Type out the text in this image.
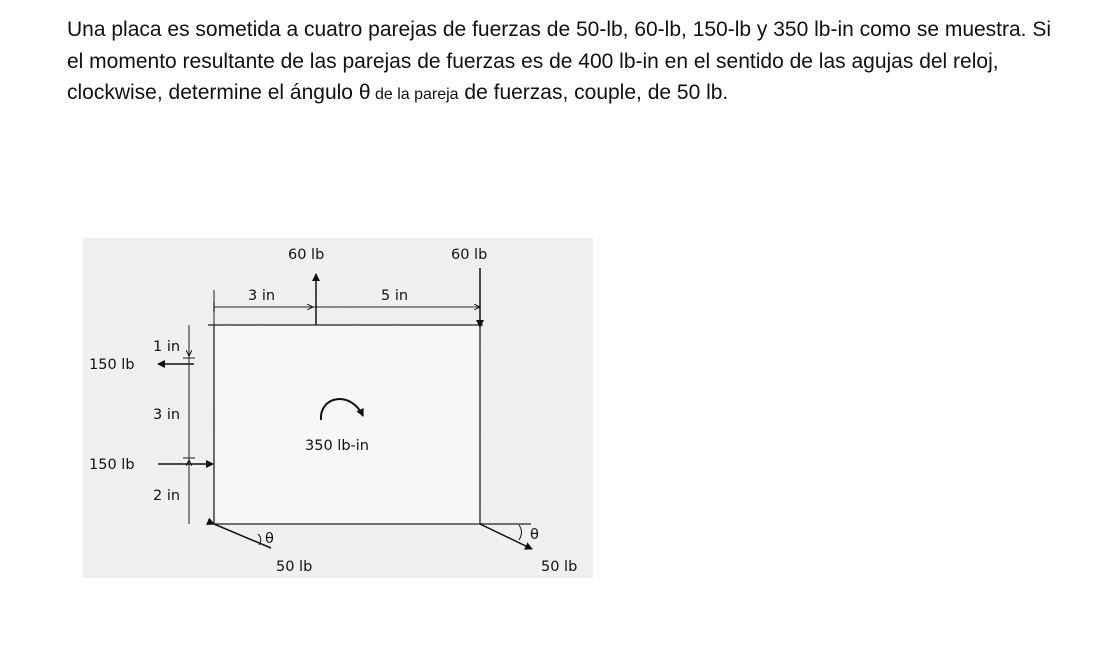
Una placa es sometida a cuatro parejas de fuerzas de 50-lb, 60-lb, 150-lb y 350 lb-in como se muestra. Si el momento resultante de las parejas de fuerzas es de 400 lb-in en el sentido de las agujas del reloj, clockwise, determine el ángulo θ de la pareja de fuerzas, couple, de 50 lb.
3 in	5 in
60 lb	60 lb
1 in
3 in
2 in
150 lb
150 lb
350 lb-in
θ
50 lb
θ
50 lb
